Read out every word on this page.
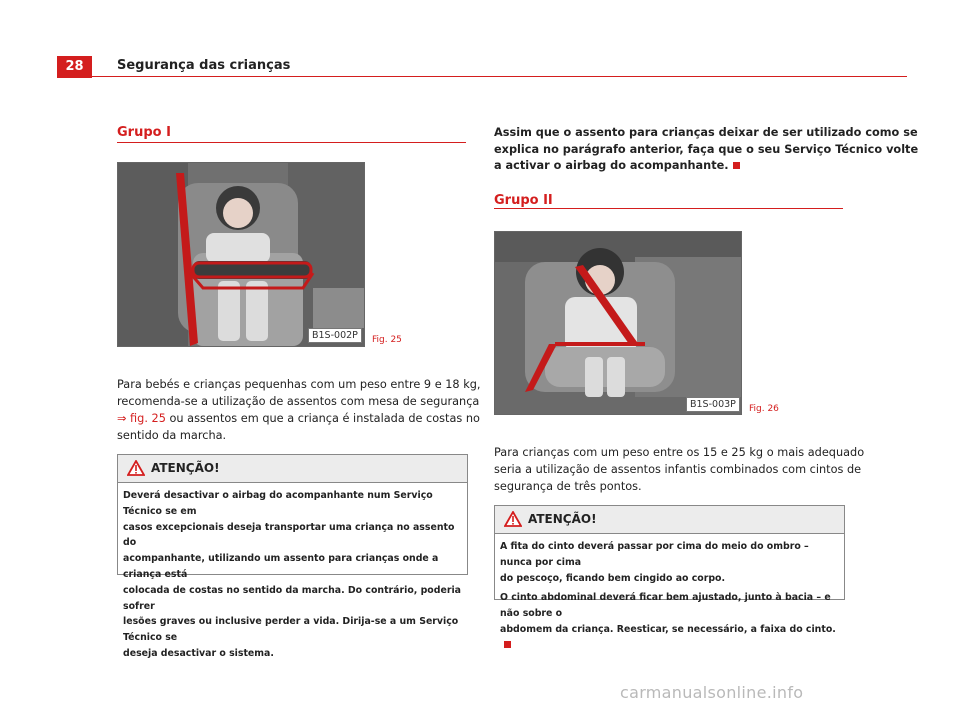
28	Segurança das crianças
Grupo I
B1S-002P	Fig. 25
Para bebés e crianças pequenhas com um peso entre 9 e 18 kg,
recomenda-se a utilização de assentos com mesa de segurança
⇒ fig. 25 ou assentos em que a criança é instalada de costas no
sentido da marcha.
ATENÇÃO!
Deverá desactivar o airbag do acompanhante num Serviço Técnico se em
casos excepcionais deseja transportar uma criança no assento do
acompanhante, utilizando um assento para crianças onde a criança está
colocada de costas no sentido da marcha. Do contrário, poderia sofrer
lesões graves ou inclusive perder a vida. Dirija-se a um Serviço Técnico se
deseja desactivar o sistema.
Assim que o assento para crianças deixar de ser utilizado como se
explica no parágrafo anterior, faça que o seu Serviço Técnico volte
a activar o airbag do acompanhante.
Grupo II
B1S-003P	Fig. 26
Para crianças com um peso entre os 15 e 25 kg o mais adequado
seria a utilização de assentos infantis combinados com cintos de
segurança de três pontos.
ATENÇÃO!

A fita do cinto deverá passar por cima do meio do ombro – nunca por cima
do pescoço, ficando bem cingido ao corpo.

O cinto abdominal deverá ficar bem ajustado, junto à bacia – e não sobre o
abdomem da criança. Reesticar, se necessário, a faixa do cinto.

carmanualsonline.info
